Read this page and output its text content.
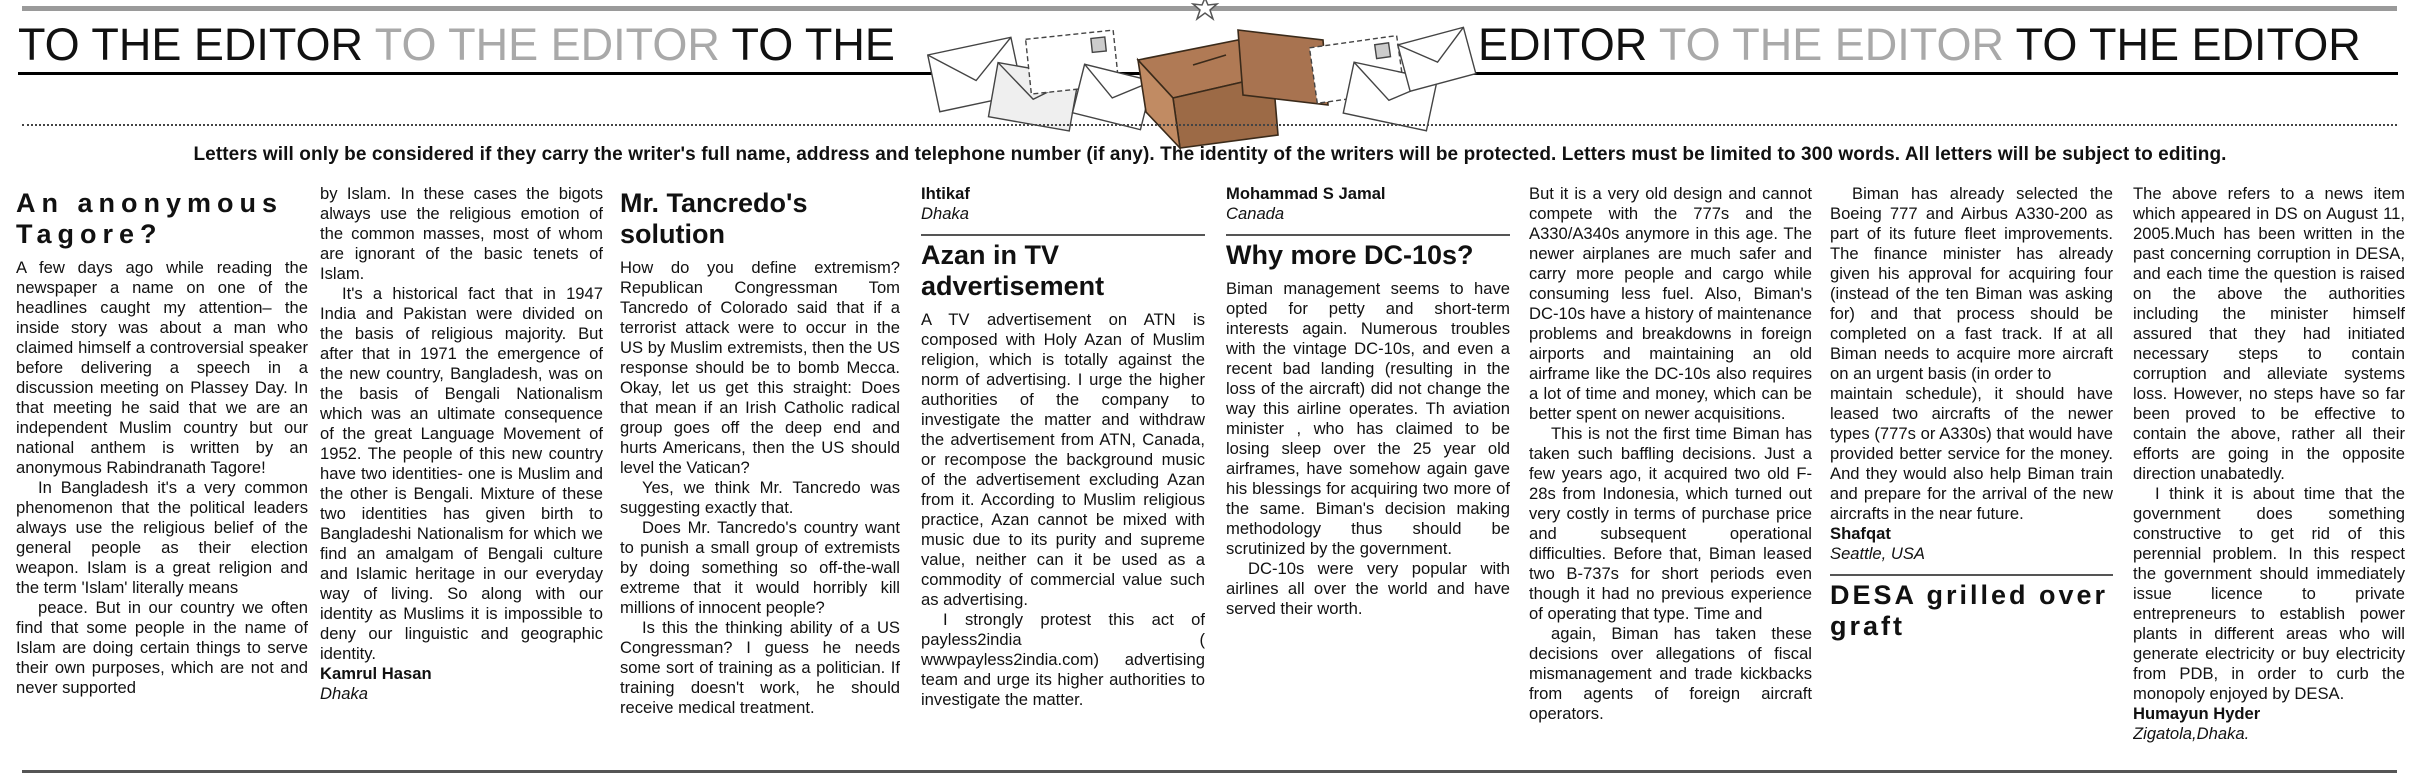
TO THE EDITOR TO THE EDITOR TO THE	EDITOR TO THE EDITOR TO THE EDITOR
Letters will only be considered if they carry the writer's full name, address and telephone number (if any). The identity of the writers will be protected. Letters must be limited to 300 words. All letters will be subject to editing.
An anonymous Tagore?

A few days ago while reading the newspaper a name on one of the headlines caught my attention– the inside story was about a man who claimed himself a controversial speaker before delivering a speech in a discussion meeting on Plassey Day. In that meeting he said that we are an independent Muslim country but our national anthem is written by an anonymous Rabindranath Tagore!

In Bangladesh it's a very common phenomenon that the political leaders always use the religious belief of the general people as their election weapon. Islam is a great religion and the term 'Islam' literally means

peace. But in our country we often find that some people in the name of Islam are doing certain things to serve their own purposes, which are not and never supported

by Islam. In these cases the bigots always use the religious emotion of the common masses, most of whom are ignorant of the basic tenets of Islam.

It's a historical fact that in 1947 India and Pakistan were divided on the basis of religious majority. But after that in 1971 the emergence of the new country, Bangladesh, was on the basis of Bengali Nationalism which was an ultimate consequence of the great Language Movement of 1952. The people of this new country have two identities- one is Muslim and the other is Bengali. Mixture of these two identities has given birth to Bangladeshi Nationalism for which we find an amalgam of Bengali culture and Islamic heritage in our everyday way of living. So along with our identity as Muslims it is impossible to deny our linguistic and geographic identity.

Kamrul Hasan

Dhaka

Mr. Tancredo's solution

How do you define extremism? Republican Congressman Tom Tancredo of Colorado said that if a terrorist attack were to occur in the US by Muslim extremists, then the US response should be to bomb Mecca. Okay, let us get this straight: Does that mean if an Irish Catholic radical group goes off the deep end and hurts Americans, then the US should level the Vatican?

Yes, we think Mr. Tancredo was suggesting exactly that.

Does Mr. Tancredo's country want to punish a small group of extremists by doing something so off-the-wall extreme that it would horribly kill millions of innocent people?

Is this the thinking ability of a US Congressman? I guess he needs some sort of training as a politician. If training doesn't work, he should receive medical treatment.

Ihtikaf

Dhaka

Azan in TV advertisement

A TV advertisement on ATN is composed with Holy Azan of Muslim religion, which is totally against the norm of advertising. I urge the higher authorities of the company to investigate the matter and withdraw the advertisement from ATN, Canada, or recompose the background music of the advertisement excluding Azan from it. According to Muslim religious practice, Azan cannot be mixed with music due to its purity and supreme value, neither can it be used as a commodity of commercial value such as advertising.

I strongly protest this act of payless2india ( wwwpayless2india.com) advertising team and urge its higher authorities to investigate the matter.

Mohammad S Jamal

Canada

Why more DC-10s?

Biman management seems to have opted for petty and short-term interests again. Numerous troubles with the vintage DC-10s, and even a recent bad landing (resulting in the loss of the aircraft) did not change the way this airline operates. Th aviation minister , who has claimed to be losing sleep over the 25 year old airframes, have somehow again gave his blessings for acquiring two more of the same. Biman's decision making methodology thus should be scrutinized by the government.

DC-10s were very popular with airlines all over the world and have served their worth.

But it is a very old design and cannot compete with the 777s and the A330/A340s anymore in this age. The newer airplanes are much safer and carry more people and cargo while consuming less fuel. Also, Biman's DC-10s have a history of maintenance problems and breakdowns in foreign airports and maintaining an old airframe like the DC-10s also requires a lot of time and money, which can be better spent on newer acquisitions.

This is not the first time Biman has taken such baffling decisions. Just a few years ago, it acquired two old F-28s from Indonesia, which turned out very costly in terms of purchase price and subsequent operational difficulties. Before that, Biman leased two B-737s for short periods even though it had no previous experience of operating that type. Time and

again, Biman has taken these decisions over allegations of fiscal mismanagement and trade kickbacks from agents of foreign aircraft operators.

Biman has already selected the Boeing 777 and Airbus A330-200 as part of its future fleet improvements. The finance minister has already given his approval for acquiring four (instead of the ten Biman was asking for) and that process should be completed on a fast track. If at all Biman needs to acquire more aircraft on an urgent basis (in order to

maintain schedule), it should have leased two aircrafts of the newer types (777s or A330s) that would have provided better service for the money. And they would also help Biman train and prepare for the arrival of the new aircrafts in the near future.

Shafqat

Seattle, USA

DESA grilled over graft

The above refers to a news item which appeared in DS on August 11, 2005.Much has been written in the past concerning corruption in DESA, and each time the question is raised on the above the authorities including the minister himself assured that they had initiated necessary steps to contain corruption and alleviate systems loss. However, no steps have so far been proved to be effective to contain the above, rather all their efforts are going in the opposite direction unabatedly.

I think it is about time that the government does something constructive to get rid of this perennial problem. In this respect the government should immediately issue licence to private entrepreneurs to establish power plants in different areas who will generate electricity or buy electricity from PDB, in order to curb the monopoly enjoyed by DESA.

Humayun Hyder

Zigatola,Dhaka.
